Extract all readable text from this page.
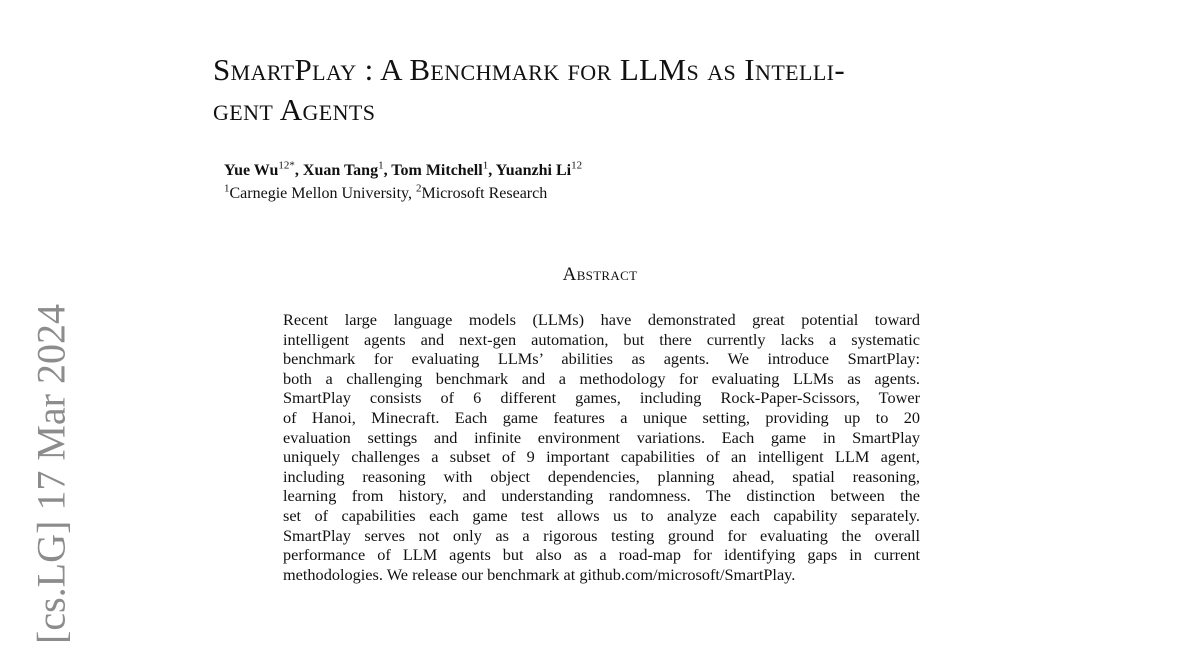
[cs.LG] 17 Mar 2024
SmartPlay : A Benchmark for LLMs as Intelli-
gent Agents
Yue $Wu^{12*}$, Xuan Tang$^1$, Tom Mitchell$^1$, Yuanzhi Li$^{12}$
$^1$Carnegie Mellon University, $^2$Microsoft Research
Abstract
Recent large language models (LLMs) have demonstrated great potential toward
intelligent agents and next-gen automation, but there currently lacks a systematic
benchmark for evaluating LLMs’ abilities as agents. We introduce SmartPlay:
both a challenging benchmark and a methodology for evaluating LLMs as agents.
SmartPlay consists of 6 different games, including Rock-Paper-Scissors, Tower
of Hanoi, Minecraft. Each game features a unique setting, providing up to 20
evaluation settings and infinite environment variations. Each game in SmartPlay
uniquely challenges a subset of 9 important capabilities of an intelligent LLM agent,
including reasoning with object dependencies, planning ahead, spatial reasoning,
learning from history, and understanding randomness. The distinction between the
set of capabilities each game test allows us to analyze each capability separately.
SmartPlay serves not only as a rigorous testing ground for evaluating the overall
performance of LLM agents but also as a road-map for identifying gaps in current
methodologies. We release our benchmark at github.com/microsoft/SmartPlay.
